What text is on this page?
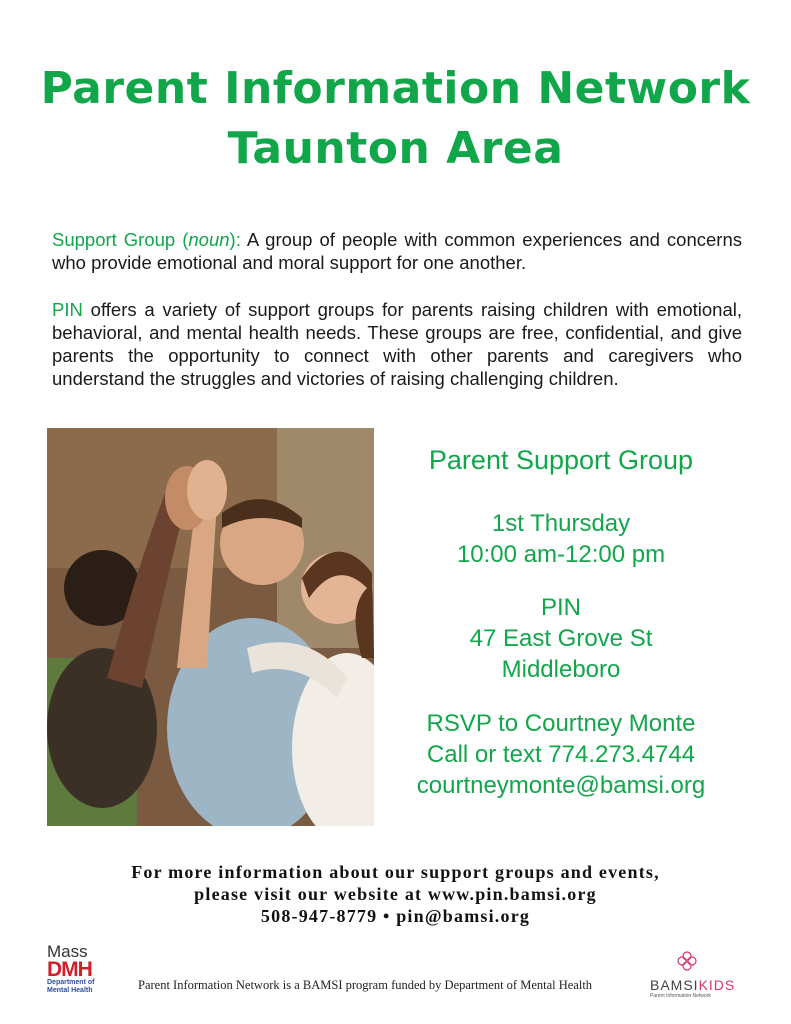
Parent Information Network
Taunton Area

Support Group (noun): A group of people with common experiences and concerns who provide emotional and moral support for one another.

PIN offers a variety of support groups for parents raising children with emotional, behavioral, and mental health needs. These groups are free, confidential, and give parents the opportunity to connect with other parents and caregivers who understand the struggles and victories of raising challenging children.

Parent Support Group
1st Thursday
10:00 am-12:00 pm
PIN
47 East Grove St
Middleboro
RSVP to Courtney Monte
Call or text 774.273.4744
courtneymonte@bamsi.org
For more information about our support groups and events,
please visit our website at www.pin.bamsi.org
508-947-8779 • pin@bamsi.org
Mass
DMH
Department of
Mental Health	Parent Information Network is a BAMSI program funded by Department of Mental Health	BAMSIKIDS
Parent Information Network
